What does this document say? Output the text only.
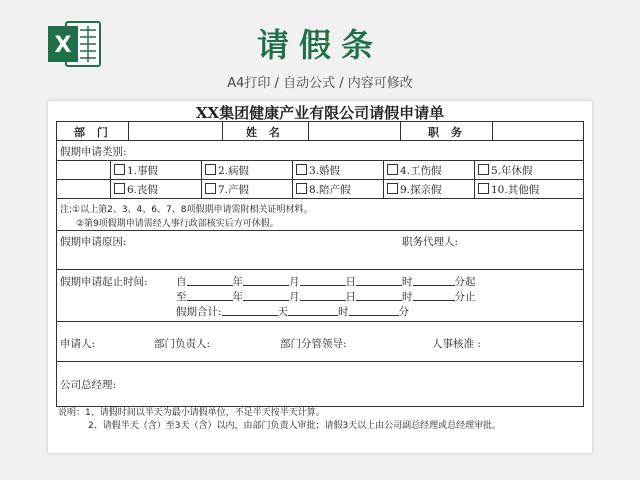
X	请假条
A4打印 / 自动公式 / 内容可修改
XX集团健康产业有限公司请假申请单
部 门	姓 名	职 务
假期申请类别:
1.事假	2.病假	3.婚假	4.工伤假	5.年休假
6.丧假	7.产假	8.陪产假	9.探亲假	10.其他假
注:①以上第2、3、4、6、7、8项假期申请需附相关证明材料。
②第9项假期申请需经人事行政部核实后方可休假。
假期申请原因:	职务代理人:
假期申请起止时间:	自	年	月	日	时	分起
至	年	月	日	时	分止
假期合计:	天	时	分
申请人:	部门负责人:	部门分管领导:	人事核准 :
公司总经理:
说明：1、请假时间以半天为最小请假单位，不足半天按半天计算。
2、请假半天（含）至3天（含）以内，由部门负责人审批；请假3天以上由公司副总经理或总经理审批。
